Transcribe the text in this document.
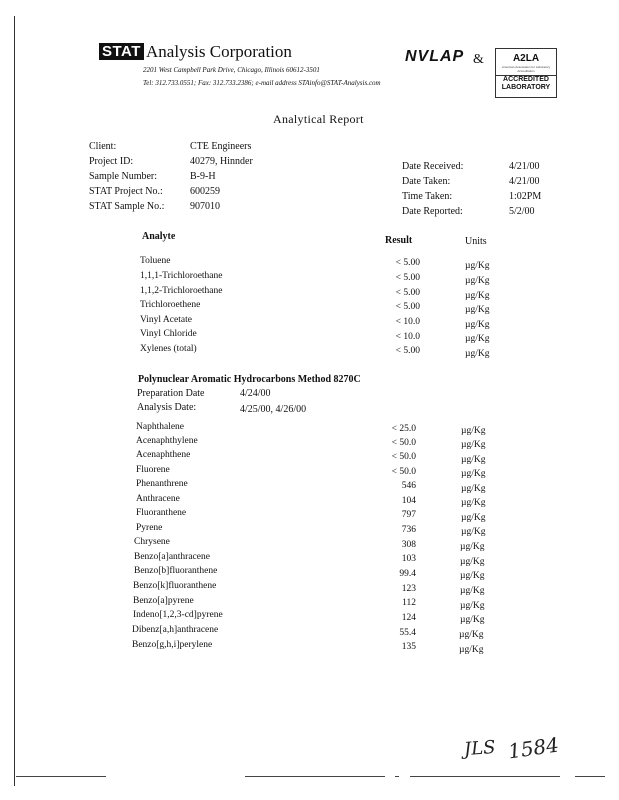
STAT Analysis Corporation
2201 West Campbell Park Drive, Chicago, Illinois 60612-3501
Tel: 312.733.0551; Fax: 312.733.2386; e-mail address STAinfo@STAT-Analysis.com
NVLAP &	A2LA
American Association for Laboratory Accreditation
ACCREDITED
LABORATORY
Analytical Report
Client:	CTE Engineers
Project ID:	40279, Hinnder
Sample Number:	B-9-H
STAT Project No.:	600259
STAT Sample No.:	907010
Date Received:	4/21/00
Date Taken:	4/21/00
Time Taken:	1:02PM
Date Reported:	5/2/00
Analyte	Result	Units
Toluene	< 5.00	µg/Kg
1,1,1-Trichloroethane	< 5.00	µg/Kg
1,1,2-Trichloroethane	< 5.00	µg/Kg
Trichloroethene	< 5.00	µg/Kg
Vinyl Acetate	< 10.0	µg/Kg
Vinyl Chloride	< 10.0	µg/Kg
Xylenes (total)	< 5.00	µg/Kg
Polynuclear Aromatic Hydrocarbons Method 8270C
Preparation Date	4/24/00
Analysis Date:	4/25/00, 4/26/00
Naphthalene	< 25.0	µg/Kg
Acenaphthylene	< 50.0	µg/Kg
Acenaphthene	< 50.0	µg/Kg
Fluorene	< 50.0	µg/Kg
Phenanthrene	546	µg/Kg
Anthracene	104	µg/Kg
Fluoranthene	797	µg/Kg
Pyrene	736	µg/Kg
Chrysene	308	µg/Kg
Benzo[a]anthracene	103	µg/Kg
Benzo[b]fluoranthene	99.4	µg/Kg
Benzo[k]fluoranthene	123	µg/Kg
Benzo[a]pyrene	112	µg/Kg
Indeno[1,2,3-cd]pyrene	124	µg/Kg
Dibenz[a,h]anthracene	55.4	µg/Kg
Benzo[g,h,i]perylene	135	µg/Kg
JLS 1584
